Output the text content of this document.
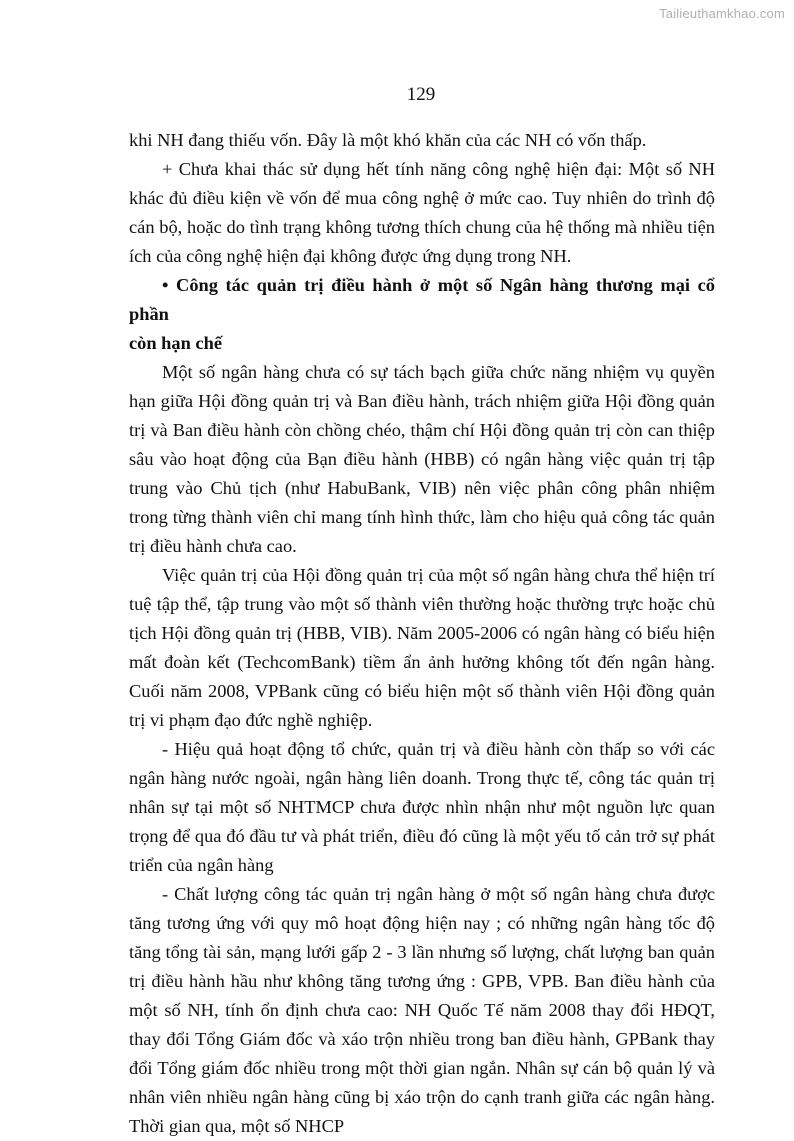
Tailieuthamkhao.com
129

khi NH đang thiếu vốn. Đây là một khó khăn của các NH có vốn thấp.

+ Chưa khai thác sử dụng hết tính năng công nghệ hiện đại: Một số NH khác đủ điều kiện về vốn để mua công nghệ ở mức cao. Tuy nhiên do trình độ cán bộ, hoặc do tình trạng không tương thích chung của hệ thống mà nhiều tiện ích của công nghệ hiện đại không được ứng dụng trong NH.

• Công tác quản trị điều hành ở một số Ngân hàng thương mại cổ phần
còn hạn chế

Một số ngân hàng chưa có sự tách bạch giữa chức năng nhiệm vụ quyền hạn giữa Hội đồng quản trị và Ban điều hành, trách nhiệm giữa Hội đồng quản trị và Ban điều hành còn chồng chéo, thậm chí Hội đồng quản trị còn can thiệp sâu vào hoạt động của Bạn điều hành (HBB) có ngân hàng việc quản trị tập trung vào Chủ tịch (như HabuBank, VIB) nên việc phân công phân nhiệm trong từng thành viên chỉ mang tính hình thức, làm cho hiệu quả công tác quản trị điều hành chưa cao.

Việc quản trị của Hội đồng quản trị của một số ngân hàng chưa thể hiện trí tuệ tập thể, tập trung vào một số thành viên thường hoặc thường trực hoặc chủ tịch Hội đồng quản trị (HBB, VIB). Năm 2005-2006 có ngân hàng có biểu hiện mất đoàn kết (TechcomBank) tiềm ẩn ảnh hưởng không tốt đến ngân hàng. Cuối năm 2008, VPBank cũng có biểu hiện một số thành viên Hội đồng quản trị vi phạm đạo đức nghề nghiệp.

- Hiệu quả hoạt động tổ chức, quản trị và điều hành còn thấp so với các ngân hàng nước ngoài, ngân hàng liên doanh. Trong thực tế, công tác quản trị nhân sự tại một số NHTMCP chưa được nhìn nhận như một nguồn lực quan trọng để qua đó đầu tư và phát triển, điều đó cũng là một yếu tố cản trở sự phát triển của ngân hàng

- Chất lượng công tác quản trị ngân hàng ở một số ngân hàng chưa được tăng tương ứng với quy mô hoạt động hiện nay ; có những ngân hàng tốc độ tăng tổng tài sản, mạng lưới gấp 2 - 3 lần nhưng số lượng, chất lượng ban quản trị điều hành hầu như không tăng tương ứng : GPB, VPB. Ban điều hành của một số NH, tính ổn định chưa cao: NH Quốc Tế năm 2008 thay đổi HĐQT, thay đổi Tổng Giám đốc và xáo trộn nhiều trong ban điều hành, GPBank thay đổi Tổng giám đốc nhiều trong một thời gian ngắn. Nhân sự cán bộ quản lý và nhân viên nhiều ngân hàng cũng bị xáo trộn do cạnh tranh giữa các ngân hàng. Thời gian qua, một số NHCP
